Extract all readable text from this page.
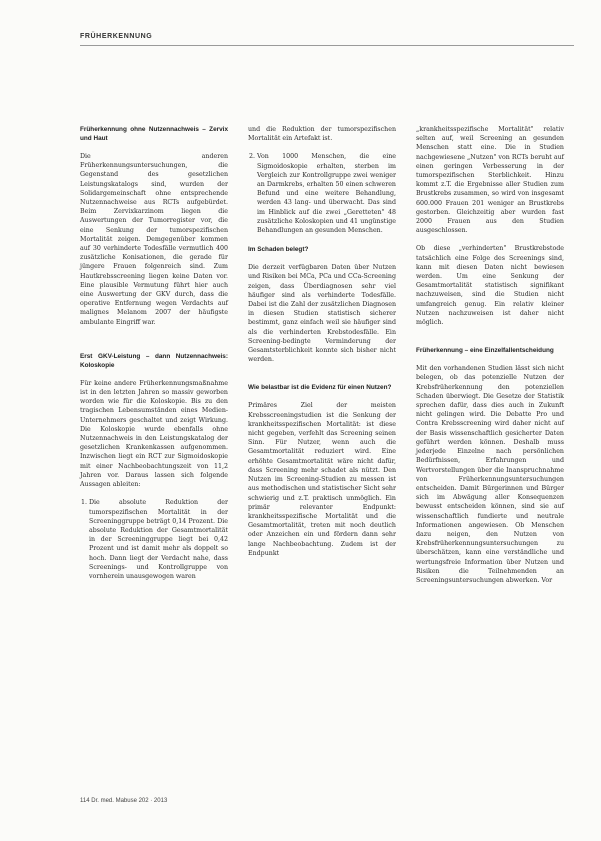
FRÜHERKENNUNG
Früherkennung ohne Nutzennachweis – Zervix und Haut

Die anderen Früherkennungsuntersuchungen, die Gegenstand des gesetzlichen Leistungskatalogs sind, wurden der Solidargemeinschaft ohne entsprechende Nutzennachweise aus RCTs aufgebürdet. Beim Zervixkarzinom liegen die Auswertungen der Tumorregister vor, die eine Senkung der tumorspezifischen Mortalität zeigen. Demgegenüber kommen auf 30 verhinderte Todesfälle vermutlich 400 zusätzliche Konisationen, die gerade für jüngere Frauen folgenreich sind. Zum Hautkrebsscreening liegen keine Daten vor. Eine plausible Vermutung führt hier auch eine Auswertung der GKV durch, dass die operative Entfernung wegen Verdachts auf malignes Melanom 2007 der häufigste ambulante Eingriff war.

Erst GKV-Leistung – dann Nutzennachweis: Koloskopie

Für keine andere Früherkennungsmaßnahme ist in den letzten Jahren so massiv geworben worden wie für die Koloskopie. Bis zu den tragischen Lebensumständen eines Medien-Unternehmers geschaltet und zeigt Wirkung. Die Koloskopie wurde ebenfalls ohne Nutzennachweis in den Leistungskatalog der gesetzlichen Krankenkassen aufgenommen. Inzwischen liegt ein RCT zur Sigmoidoskopie mit einer Nachbeobachtungszeit von 11,2 Jahren vor. Daraus lassen sich folgende Aussagen ableiten:

1. Die absolute Reduktion der tumorspezifischen Mortalität in der Screeninggruppe beträgt 0,14 Prozent. Die absolute Reduktion der Gesamtmortalität in der Screeninggruppe liegt bei 0,42 Prozent und ist damit mehr als doppelt so hoch. Dann liegt der Verdacht nahe, dass Screenings- und Kontrollgruppe von vornherein unausgewogen waren

und die Reduktion der tumorspezifischen Mortalität ein Artefakt ist.

2. Von 1000 Menschen, die eine Sigmoidoskopie erhalten, sterben im Vergleich zur Kontrollgruppe zwei weniger an Darmkrebs, erhalten 50 einen schweren Befund und eine weitere Behandlung, werden 43 lang- und überwacht. Das sind im Hinblick auf die zwei „Geretteten" 48 zusätzliche Koloskopien und 41 ungünstige Behandlungen an gesunden Menschen.
Im Schaden belegt?

Die derzeit verfügbaren Daten über Nutzen und Risiken bei MCa, PCa und CCa-Screening zeigen, dass Überdiagnosen sehr viel häufiger sind als verhinderte Todesfälle. Dabei ist die Zahl der zusätzlichen Diagnosen in diesen Studien statistisch sicherer bestimmt, ganz einfach weil sie häufiger sind als die verhinderten Krebstodesfälle. Ein Screening-bedingte Verminderung der Gesamtsterblichkeit konnte sich bisher nicht werden.

Wie belastbar ist die Evidenz für einen Nutzen?

Primäres Ziel der meisten Krebsscreeningstudien ist die Senkung der krankheitsspezifischen Mortalität: ist diese nicht gegeben, verfehlt das Screening seinen Sinn. Für Nutzer, wenn auch die Gesamtmortalität reduziert wird. Eine erhöhte Gesamtmortalität wäre nicht dafür, dass Screening mehr schadet als nützt. Den Nutzen im Screening-Studien zu messen ist aus methodischen und statistischer Sicht sehr schwierig und z.T. praktisch unmöglich. Ein primär relevanter Endpunkt: krankheitsspezifische Mortalität und die Gesamtmortalität, treten mit noch deutlich oder Anzeichen ein und fördern dann sehr lange Nachbeobachtung. Zudem ist der Endpunkt

„krankheitsspezifische Mortalität" relativ selten auf, weil Screening an gesunden Menschen statt eine. Die in Studien nachgewiesene „Nutzen" von RCTs beruht auf einen geringen Verbesserung in der tumorspezifischen Sterblichkeit. Hinzu kommt z.T. die Ergebnisse aller Studien zum Brustkrebs zusammen, so wird von insgesamt 600.000 Frauen 201 weniger an Brustkrebs gestorben. Gleichzeitig aber wurden fast 2000 Frauen aus den Studien ausgeschlossen.

Ob diese „verhinderten" Brustkrebstode tatsächlich eine Folge des Screenings sind, kann mit diesen Daten nicht bewiesen werden. Um eine Senkung der Gesamtmortalität statistisch signifikant nachzuweisen, sind die Studien nicht umfangreich genug. Ein relativ kleiner Nutzen nachzuweisen ist daher nicht möglich.

Früherkennung – eine Einzelfallentscheidung

Mit den vorhandenen Studien lässt sich nicht belegen, ob das potenzielle Nutzen der Krebsfrüherkennung den potenziellen Schaden überwiegt. Die Gesetze der Statistik sprechen dafür, dass dies auch in Zukunft nicht gelingen wird. Die Debatte Pro und Contra Krebsscreening wird daher nicht auf der Basis wissenschaftlich gesicherter Daten geführt werden können. Deshalb muss jederjede Einzelne nach persönlichen Bedürfnissen, Erfahrungen und Wertvorstellungen über die Inanspruchnahme von Früherkennungsuntersuchungen entscheiden. Damit Bürgerinnen und Bürger sich im Abwägung aller Konsequenzen bewusst entscheiden können, sind sie auf wissenschaftlich fundierte und neutrale Informationen angewiesen. Ob Menschen dazu neigen, den Nutzen von Krebsfrüherkennungsuntersuchungen zu überschätzen, kann eine verständliche und wertungsfreie Information über Nutzen und Risiken die Teilnehmenden an Screeningsuntersuchungen abwerken. Vor

114 Dr. med. Mabuse 202 · 2013
